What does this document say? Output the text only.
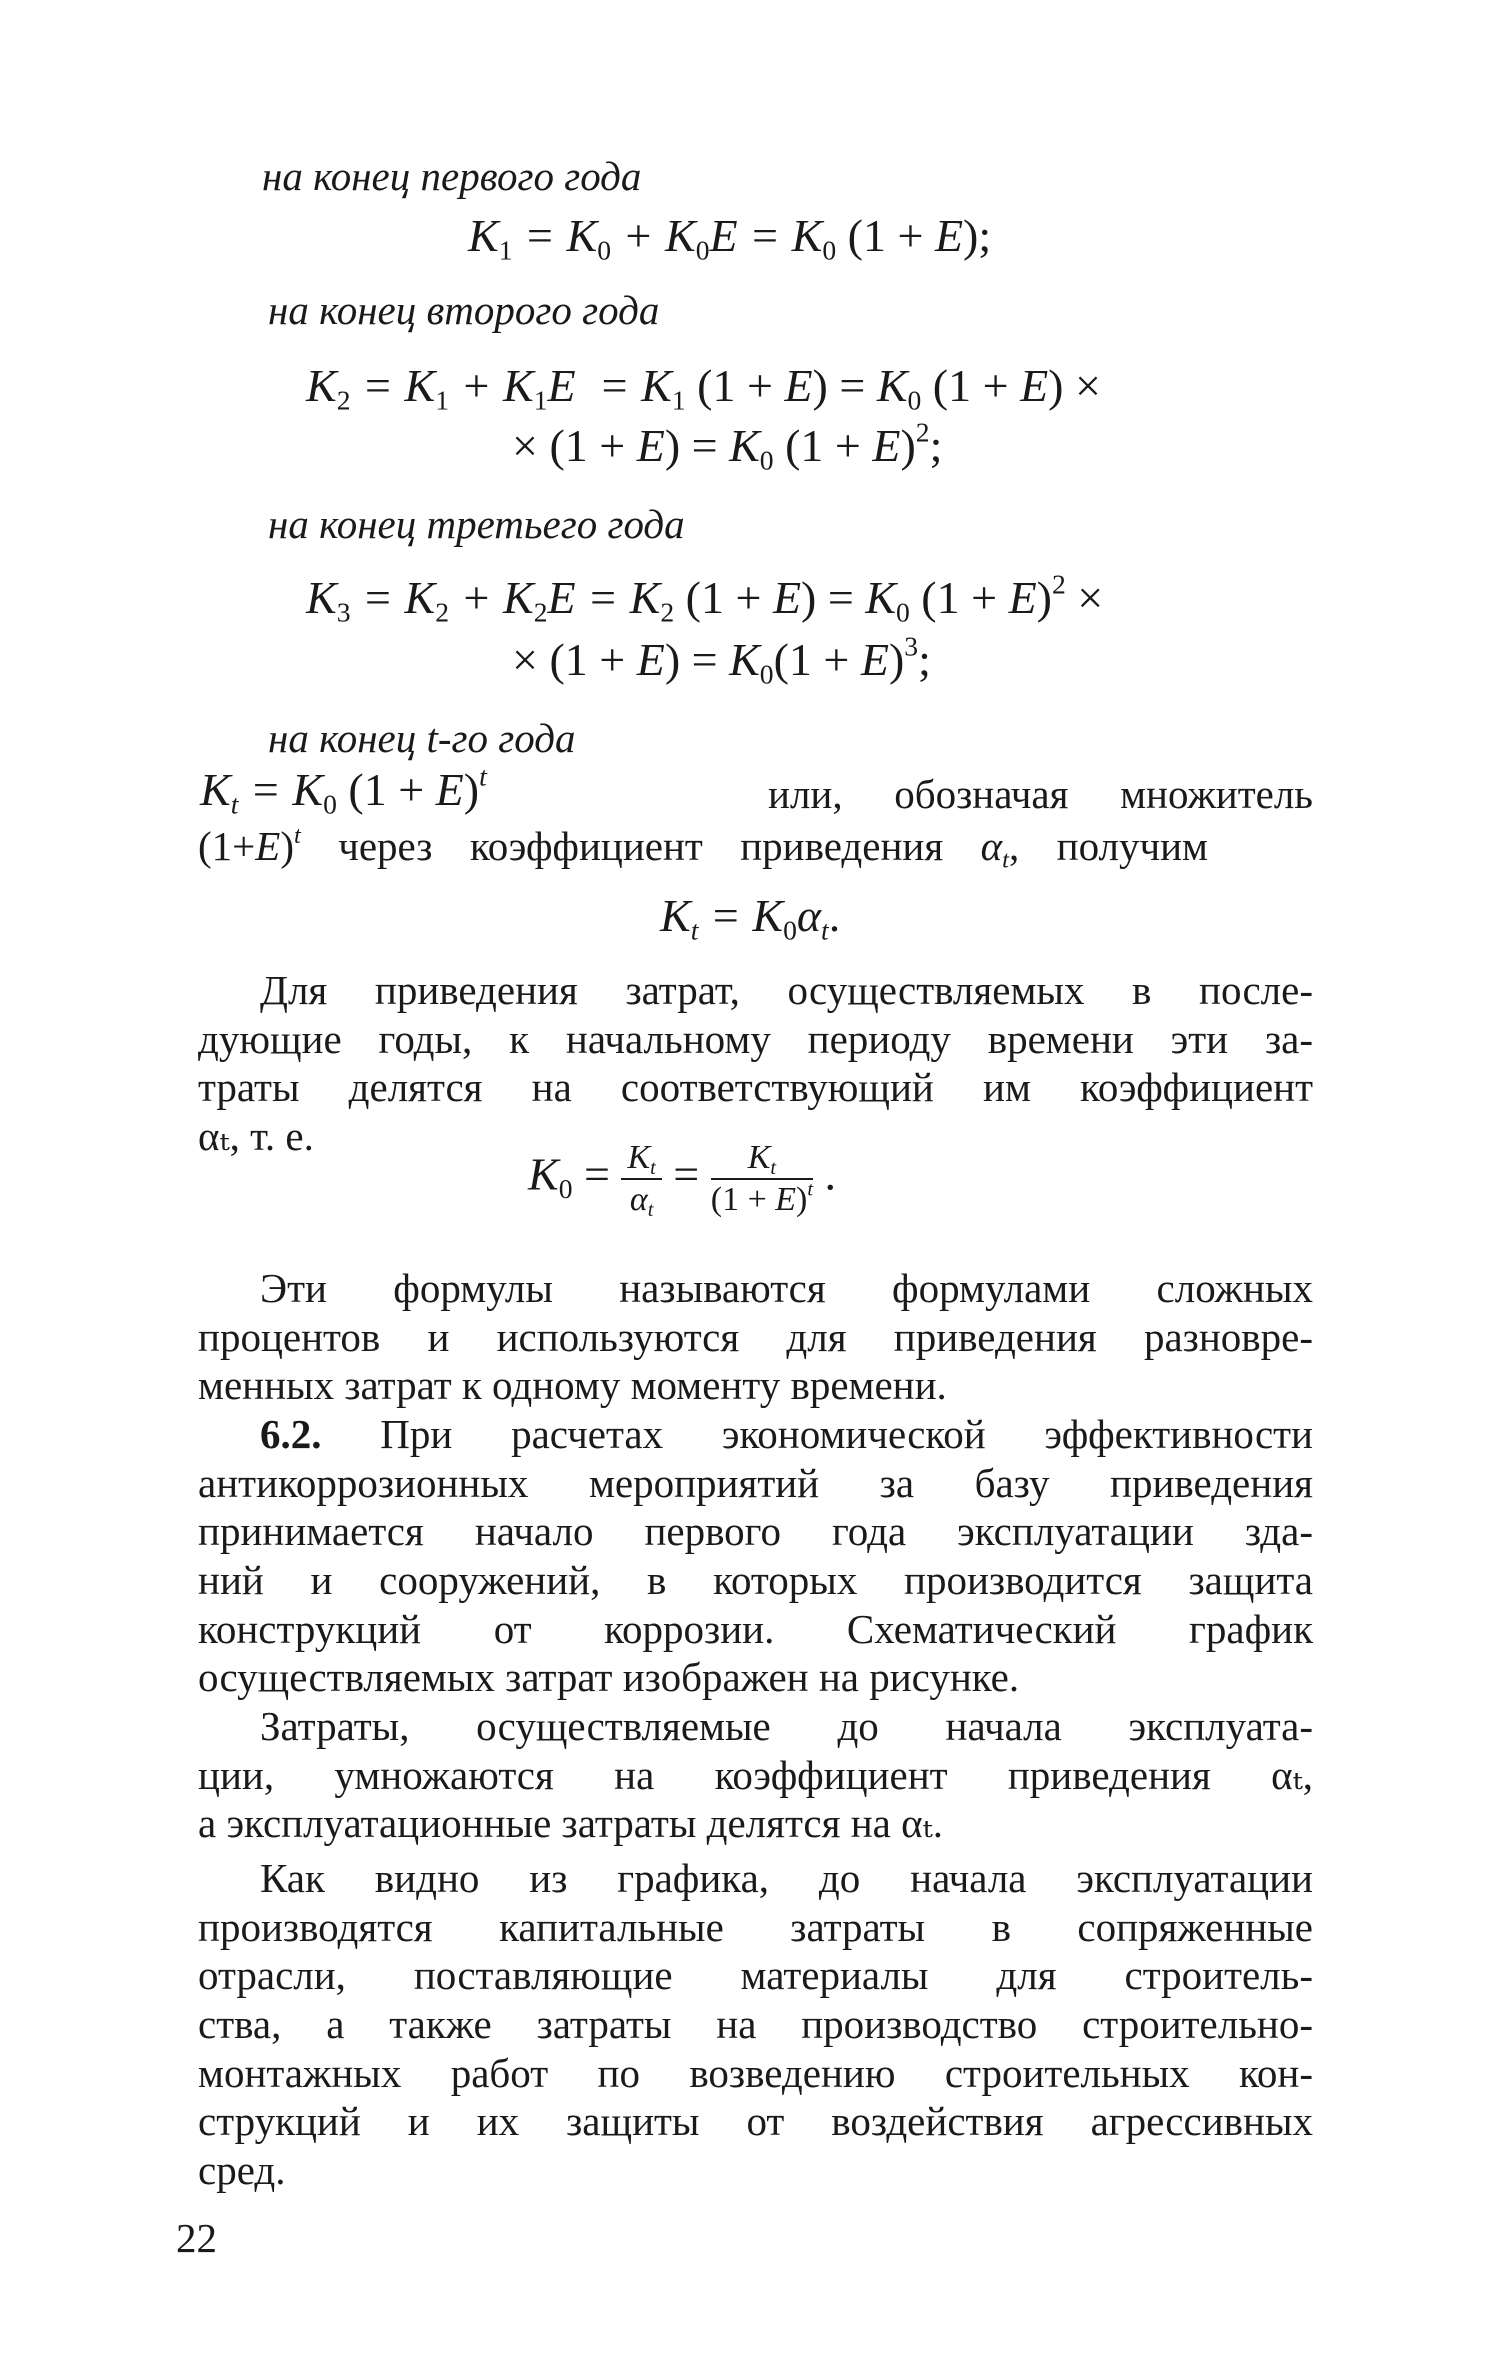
на конец первого года
$K_1 = K_0 + K_0E = K_0$ (1 + E);
на конец второго года
$K_2 = K_1 + K_1E = K_1$ $(1 + E) = K_0$ (1 + E) ×
× $(1 + E) = K_0$ $(1 + E)^2$;
на конец третьего года
$K_3 = K_2 + K_2E = K_2$ $(1 + E) = K_0$ $(1 + E)^2$ ×
× $(1 + E) = K_0(1 + E)^3$;
на конец t-го года
$K_t = K_0$ $(1 + E)^t$	или, обозначая множитель
$(1+E)^t$ через коэффициент приведения $\alpha_t$, получим
$K_t = K_0\alpha_t$.
Для приведения затрат, осуществляемых в после-
дующие годы, к начальному периоду времени эти за-
траты делятся на соответствующий им коэффициент
αₜ, т. е.
$K_0 = \frac{K_t}{\alpha_t} = \frac{K_t}{(1 + E)^t}$ .
Эти формулы называются формулами сложных
процентов и используются для приведения разновре-
менных затрат к одному моменту времени.
6.2. При расчетах экономической эффективности
антикоррозионных мероприятий за базу приведения
принимается начало первого года эксплуатации зда-
ний и сооружений, в которых производится защита
конструкций от коррозии. Схематический график
осуществляемых затрат изображен на рисунке.
Затраты, осуществляемые до начала эксплуата-
ции, умножаются на коэффициент приведения αₜ,
а эксплуатационные затраты делятся на αₜ.
Как видно из графика, до начала эксплуатации
производятся капитальные затраты в сопряженные
отрасли, поставляющие материалы для строитель-
ства, а также затраты на производство строительно-
монтажных работ по возведению строительных кон-
струкций и их защиты от воздействия агрессивных
сред.
22
